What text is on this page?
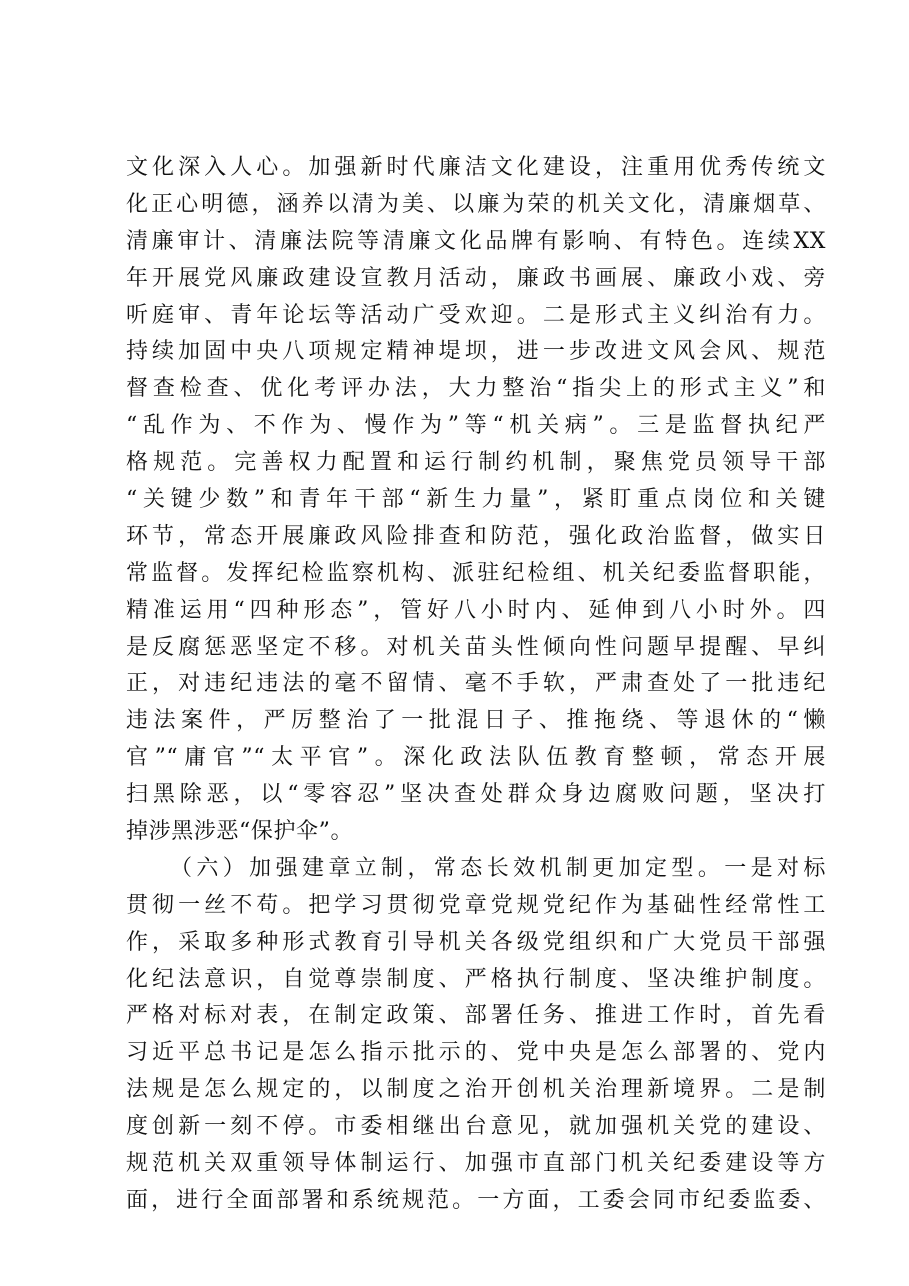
文化深入人心。加强新时代廉洁文化建设，注重用优秀传统文
化正心明德，涵养以清为美、以廉为荣的机关文化，清廉烟草、
清廉审计、清廉法院等清廉文化品牌有影响、有特色。连续XX
年开展党风廉政建设宣教月活动，廉政书画展、廉政小戏、旁
听庭审、青年论坛等活动广受欢迎。二是形式主义纠治有力。
持续加固中央八项规定精神堤坝，进一步改进文风会风、规范
督查检查、优化考评办法，大力整治“指尖上的形式主义”和
“乱作为、不作为、慢作为”等“机关病”。三是监督执纪严
格规范。完善权力配置和运行制约机制，聚焦党员领导干部
“关键少数”和青年干部“新生力量”，紧盯重点岗位和关键
环节，常态开展廉政风险排查和防范，强化政治监督，做实日
常监督。发挥纪检监察机构、派驻纪检组、机关纪委监督职能，
精准运用“四种形态”，管好八小时内、延伸到八小时外。四
是反腐惩恶坚定不移。对机关苗头性倾向性问题早提醒、早纠
正，对违纪违法的毫不留情、毫不手软，严肃查处了一批违纪
违法案件，严厉整治了一批混日子、推拖绕、等退休的“懒
官”“庸官”“太平官”。深化政法队伍教育整顿，常态开展
扫黑除恶，以“零容忍”坚决查处群众身边腐败问题，坚决打
掉涉黑涉恶“保护伞”。
（六）加强建章立制，常态长效机制更加定型。一是对标
贯彻一丝不苟。把学习贯彻党章党规党纪作为基础性经常性工
作，采取多种形式教育引导机关各级党组织和广大党员干部强
化纪法意识，自觉尊崇制度、严格执行制度、坚决维护制度。
严格对标对表，在制定政策、部署任务、推进工作时，首先看
习近平总书记是怎么指示批示的、党中央是怎么部署的、党内
法规是怎么规定的，以制度之治开创机关治理新境界。二是制
度创新一刻不停。市委相继出台意见，就加强机关党的建设、
规范机关双重领导体制运行、加强市直部门机关纪委建设等方
面，进行全面部署和系统规范。一方面，工委会同市纪委监委、
